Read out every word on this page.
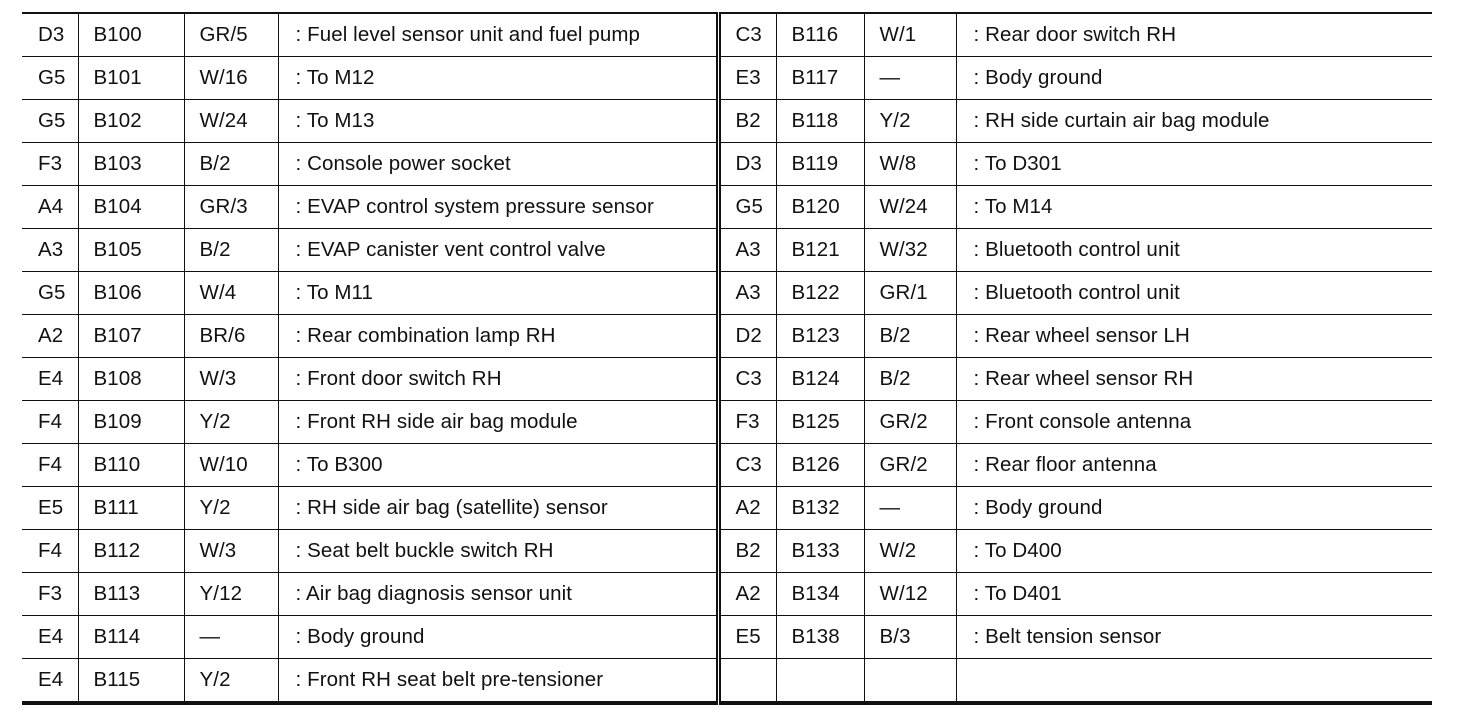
D3	B100	GR/5	: Fuel level sensor unit and fuel pump	C3	B116	W/1	: Rear door switch RH
G5	B101	W/16	: To M12	E3	B117	—	: Body ground
G5	B102	W/24	: To M13	B2	B118	Y/2	: RH side curtain air bag module
F3	B103	B/2	: Console power socket	D3	B119	W/8	: To D301
A4	B104	GR/3	: EVAP control system pressure sensor	G5	B120	W/24	: To M14
A3	B105	B/2	: EVAP canister vent control valve	A3	B121	W/32	: Bluetooth control unit
G5	B106	W/4	: To M11	A3	B122	GR/1	: Bluetooth control unit
A2	B107	BR/6	: Rear combination lamp RH	D2	B123	B/2	: Rear wheel sensor LH
E4	B108	W/3	: Front door switch RH	C3	B124	B/2	: Rear wheel sensor RH
F4	B109	Y/2	: Front RH side air bag module	F3	B125	GR/2	: Front console antenna
F4	B110	W/10	: To B300	C3	B126	GR/2	: Rear floor antenna
E5	B111	Y/2	: RH side air bag (satellite) sensor	A2	B132	—	: Body ground
F4	B112	W/3	: Seat belt buckle switch RH	B2	B133	W/2	: To D400
F3	B113	Y/12	: Air bag diagnosis sensor unit	A2	B134	W/12	: To D401
E4	B114	—	: Body ground	E5	B138	B/3	: Belt tension sensor
E4	B115	Y/2	: Front RH seat belt pre-tensioner				
